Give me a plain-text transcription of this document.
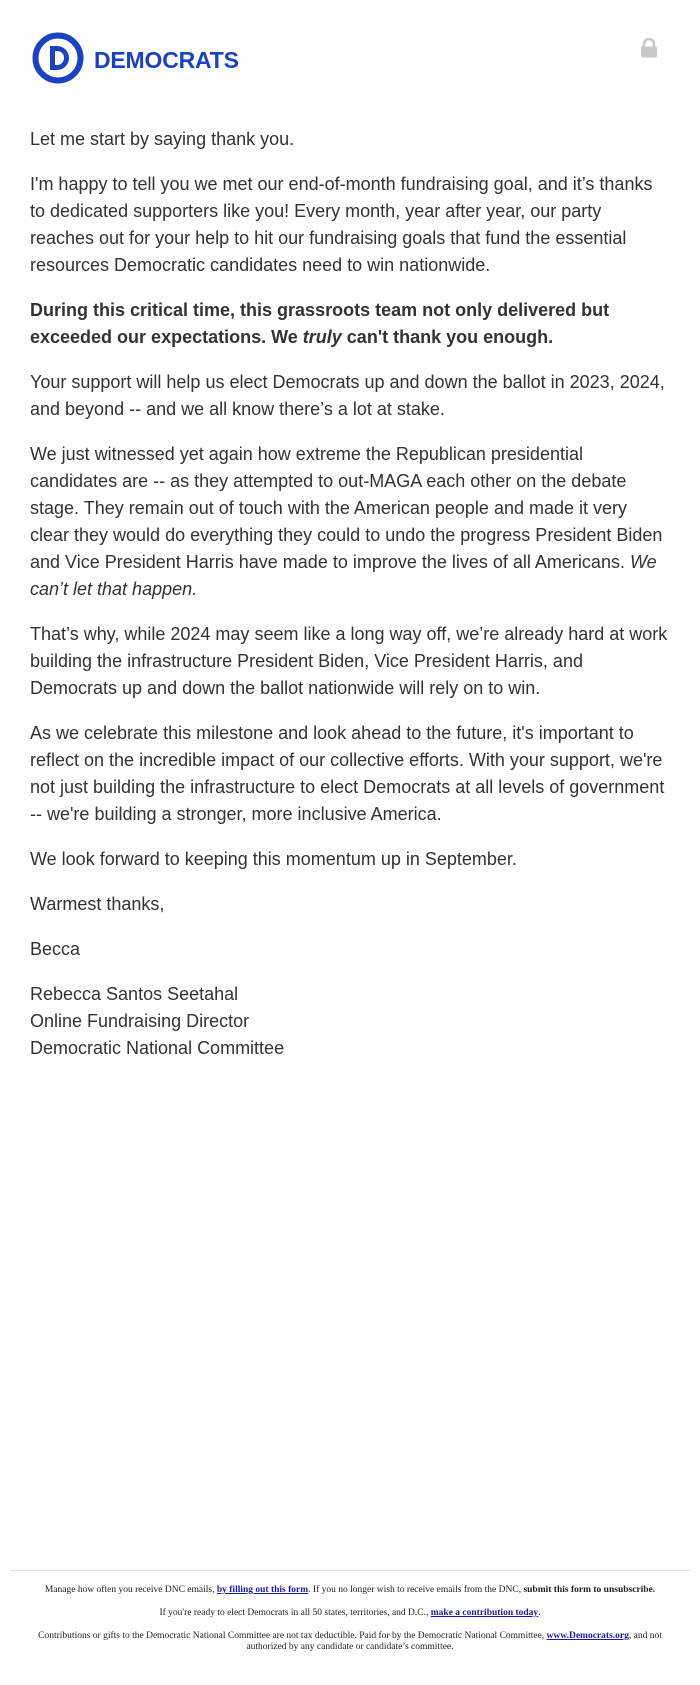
DEMOCRATS

Let me start by saying thank you.

I'm happy to tell you we met our end-of-month fundraising goal, and it’s thanks to dedicated supporters like you! Every month, year after year, our party reaches out for your help to hit our fundraising goals that fund the essential resources Democratic candidates need to win nationwide.

During this critical time, this grassroots team not only delivered but exceeded our expectations. We truly can't thank you enough.

Your support will help us elect Democrats up and down the ballot in 2023, 2024, and beyond -- and we all know there’s a lot at stake.

We just witnessed yet again how extreme the Republican presidential candidates are -- as they attempted to out-MAGA each other on the debate stage. They remain out of touch with the American people and made it very clear they would do everything they could to undo the progress President Biden and Vice President Harris have made to improve the lives of all Americans. We can’t let that happen.

That’s why, while 2024 may seem like a long way off, we’re already hard at work building the infrastructure President Biden, Vice President Harris, and Democrats up and down the ballot nationwide will rely on to win.

As we celebrate this milestone and look ahead to the future, it's important to reflect on the incredible impact of our collective efforts. With your support, we're not just building the infrastructure to elect Democrats at all levels of government -- we're building a stronger, more inclusive America.

We look forward to keeping this momentum up in September.

Warmest thanks,

Becca

Rebecca Santos Seetahal

Online Fundraising Director

Democratic National Committee

Manage how often you receive DNC emails, by filling out this form. If you no longer wish to receive emails from the DNC, submit this form to unsubscribe.

If you're ready to elect Democrats in all 50 states, territories, and D.C., make a contribution today.

Contributions or gifts to the Democratic National Committee are not tax deductible. Paid for by the Democratic National Committee, www.Democrats.org, and not authorized by any candidate or candidate’s committee.
